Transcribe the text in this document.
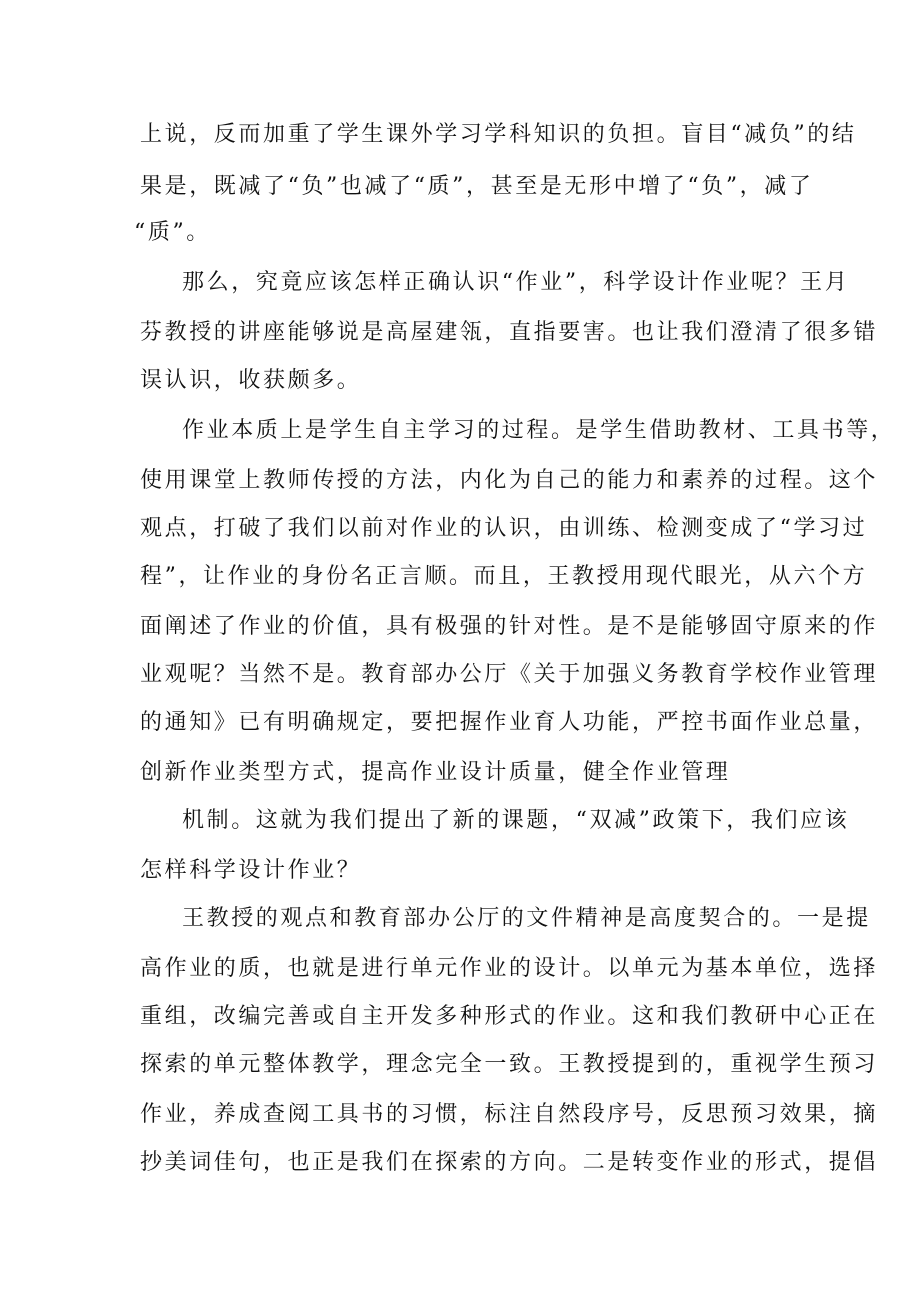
上说，反而加重了学生课外学习学科知识的负担。盲目“减负”的结
果是，既减了“负”也减了“质”，甚至是无形中增了“负”，减了
“质”。
那么，究竟应该怎样正确认识“作业”，科学设计作业呢？王月
芬教授的讲座能够说是高屋建瓴，直指要害。也让我们澄清了很多错
误认识，收获颇多。
作业本质上是学生自主学习的过程。是学生借助教材、工具书等，
使用课堂上教师传授的方法，内化为自己的能力和素养的过程。这个
观点，打破了我们以前对作业的认识，由训练、检测变成了“学习过
程”，让作业的身份名正言顺。而且，王教授用现代眼光，从六个方
面阐述了作业的价值，具有极强的针对性。是不是能够固守原来的作
业观呢？当然不是。教育部办公厅《关于加强义务教育学校作业管理
的通知》已有明确规定，要把握作业育人功能，严控书面作业总量，
创新作业类型方式，提高作业设计质量，健全作业管理
机制。这就为我们提出了新的课题，“双减”政策下，我们应该
怎样科学设计作业？
王教授的观点和教育部办公厅的文件精神是高度契合的。一是提
高作业的质，也就是进行单元作业的设计。以单元为基本单位，选择
重组，改编完善或自主开发多种形式的作业。这和我们教研中心正在
探索的单元整体教学，理念完全一致。王教授提到的，重视学生预习
作业，养成查阅工具书的习惯，标注自然段序号，反思预习效果，摘
抄美词佳句，也正是我们在探索的方向。二是转变作业的形式，提倡
